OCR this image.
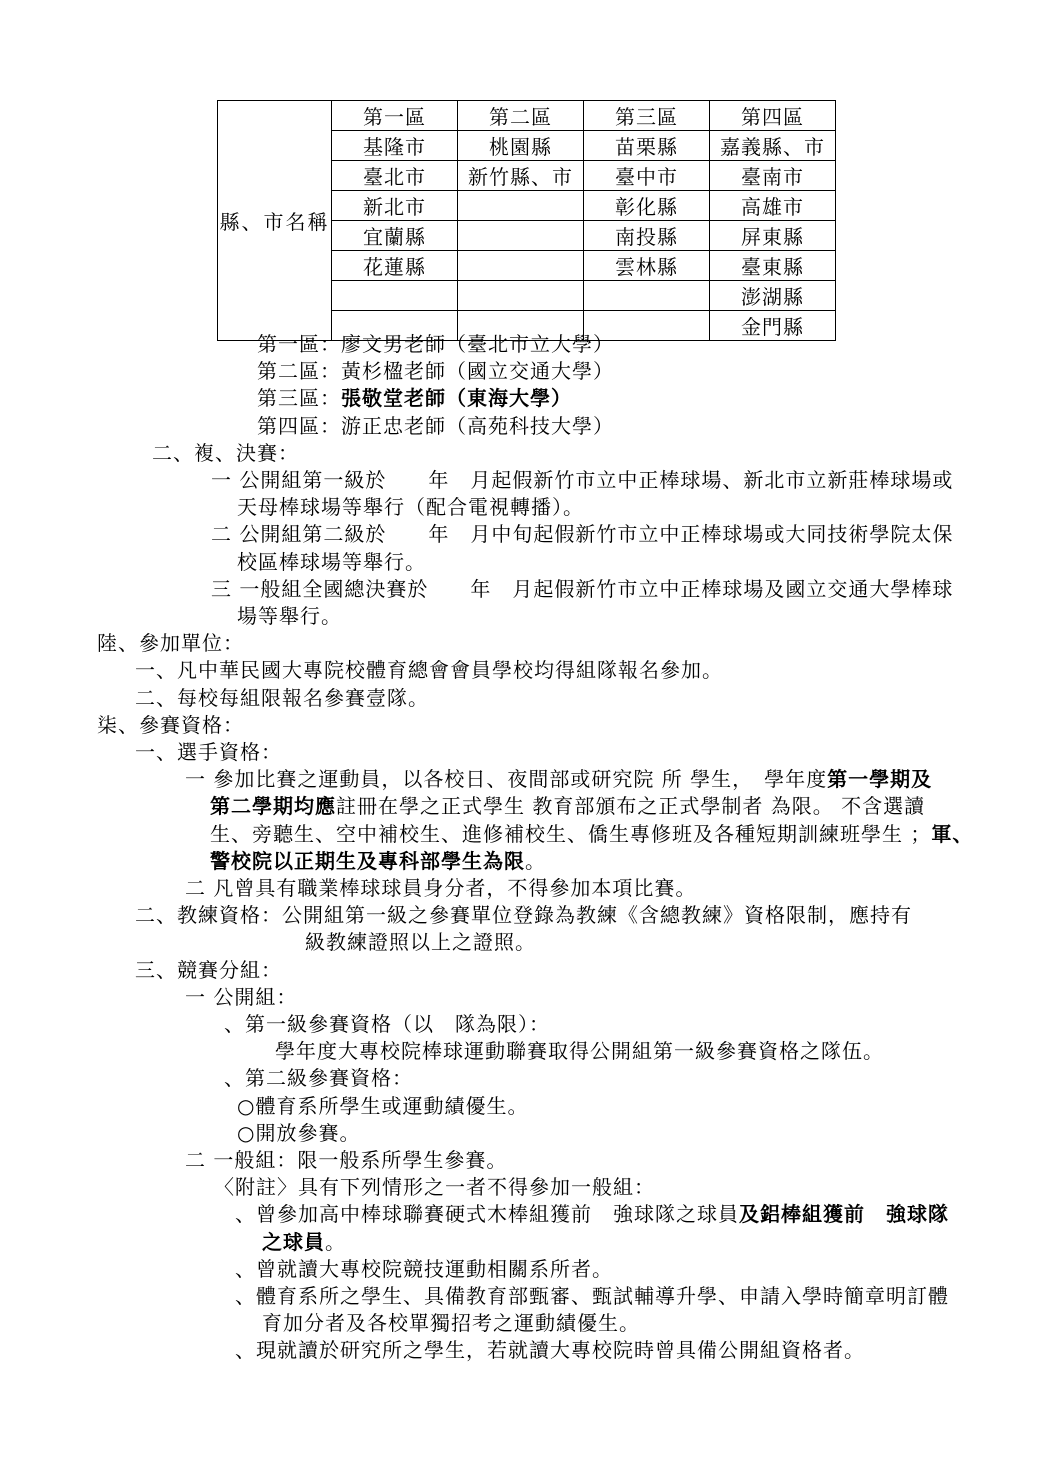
縣、市名稱	第一區	第二區	第三區	第四區
	基隆市	桃園縣	苗栗縣	嘉義縣、市
	臺北市	新竹縣、市	臺中市	臺南市
	新北市		彰化縣	高雄市
	宜蘭縣		南投縣	屏東縣
	花蓮縣		雲林縣	臺東縣
				澎湖縣
				金門縣
第一區：廖文男老師（臺北市立大學）
第二區：黃杉楹老師（國立交通大學）
第三區：張敬堂老師（東海大學）
第四區：游正忠老師（高苑科技大學）
二、複、決賽：
一 公開組第一級於　　年　月起假新竹市立中正棒球場、新北市立新莊棒球場或
天母棒球場等舉行（配合電視轉播）。
二 公開組第二級於　　年　月中旬起假新竹市立中正棒球場或大同技術學院太保
校區棒球場等舉行。
三 一般組全國總決賽於　　年　月起假新竹市立中正棒球場及國立交通大學棒球
場等舉行。
陸、參加單位：
一、凡中華民國大專院校體育總會會員學校均得組隊報名參加。
二、每校每組限報名參賽壹隊。
柒、參賽資格：
一、選手資格：
一 參加比賽之運動員，以各校日、夜間部或研究院 所 學生，　學年度第一學期及
第二學期均應註冊在學之正式學生 教育部頒布之正式學制者 為限。 不含選讀
生、旁聽生、空中補校生、進修補校生、僑生專修班及各種短期訓練班學生 ；軍、
警校院以正期生及專科部學生為限。
二 凡曾具有職業棒球球員身分者，不得參加本項比賽。
二、教練資格：公開組第一級之參賽單位登錄為教練《含總教練》資格限制，應持有
級教練證照以上之證照。
三、競賽分組：
一 公開組：
、第一級參賽資格（以　隊為限）：
學年度大專校院棒球運動聯賽取得公開組第一級參賽資格之隊伍。
、第二級參賽資格：
○體育系所學生或運動績優生。
○開放參賽。
二 一般組：限一般系所學生參賽。
〈附註〉具有下列情形之一者不得參加一般組：
、曾參加高中棒球聯賽硬式木棒組獲前　強球隊之球員及鋁棒組獲前　強球隊
之球員。
、曾就讀大專校院競技運動相關系所者。
、體育系所之學生、具備教育部甄審、甄試輔導升學、申請入學時簡章明訂體
育加分者及各校單獨招考之運動績優生。
、現就讀於研究所之學生，若就讀大專校院時曾具備公開組資格者。
